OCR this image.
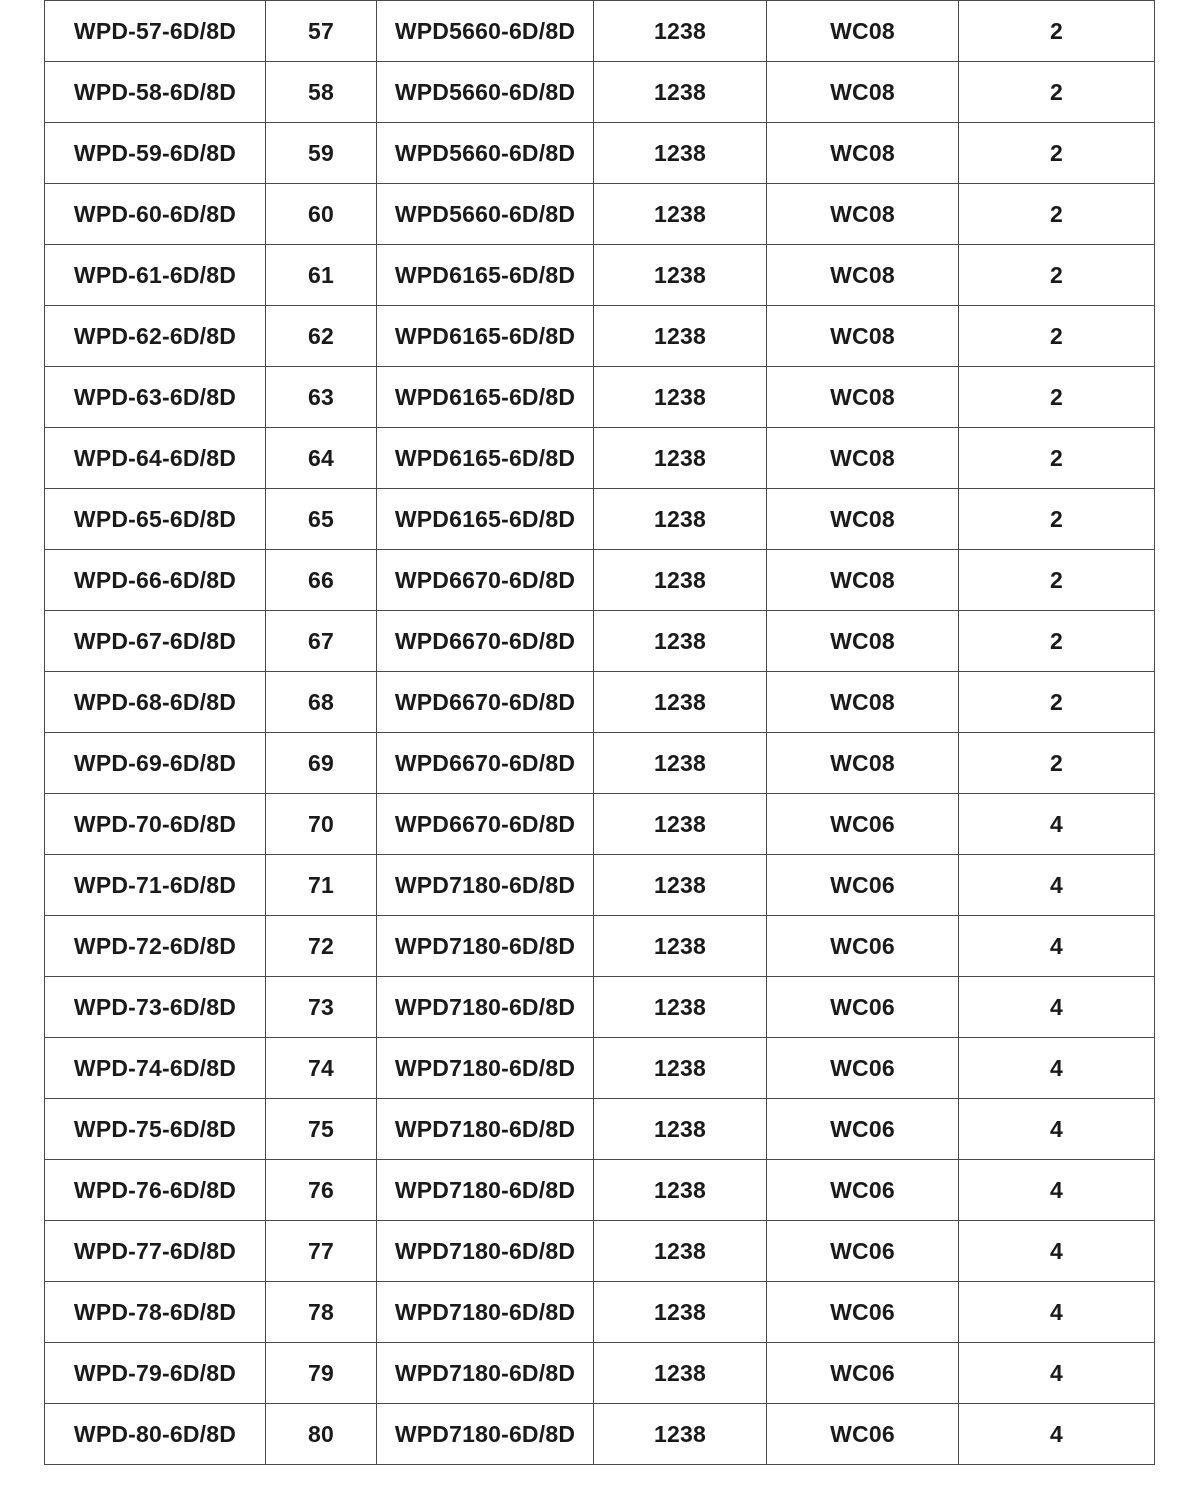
WPD-57-6D/8D	57	WPD5660-6D/8D	1238	WC08	2
WPD-58-6D/8D	58	WPD5660-6D/8D	1238	WC08	2
WPD-59-6D/8D	59	WPD5660-6D/8D	1238	WC08	2
WPD-60-6D/8D	60	WPD5660-6D/8D	1238	WC08	2
WPD-61-6D/8D	61	WPD6165-6D/8D	1238	WC08	2
WPD-62-6D/8D	62	WPD6165-6D/8D	1238	WC08	2
WPD-63-6D/8D	63	WPD6165-6D/8D	1238	WC08	2
WPD-64-6D/8D	64	WPD6165-6D/8D	1238	WC08	2
WPD-65-6D/8D	65	WPD6165-6D/8D	1238	WC08	2
WPD-66-6D/8D	66	WPD6670-6D/8D	1238	WC08	2
WPD-67-6D/8D	67	WPD6670-6D/8D	1238	WC08	2
WPD-68-6D/8D	68	WPD6670-6D/8D	1238	WC08	2
WPD-69-6D/8D	69	WPD6670-6D/8D	1238	WC08	2
WPD-70-6D/8D	70	WPD6670-6D/8D	1238	WC06	4
WPD-71-6D/8D	71	WPD7180-6D/8D	1238	WC06	4
WPD-72-6D/8D	72	WPD7180-6D/8D	1238	WC06	4
WPD-73-6D/8D	73	WPD7180-6D/8D	1238	WC06	4
WPD-74-6D/8D	74	WPD7180-6D/8D	1238	WC06	4
WPD-75-6D/8D	75	WPD7180-6D/8D	1238	WC06	4
WPD-76-6D/8D	76	WPD7180-6D/8D	1238	WC06	4
WPD-77-6D/8D	77	WPD7180-6D/8D	1238	WC06	4
WPD-78-6D/8D	78	WPD7180-6D/8D	1238	WC06	4
WPD-79-6D/8D	79	WPD7180-6D/8D	1238	WC06	4
WPD-80-6D/8D	80	WPD7180-6D/8D	1238	WC06	4
